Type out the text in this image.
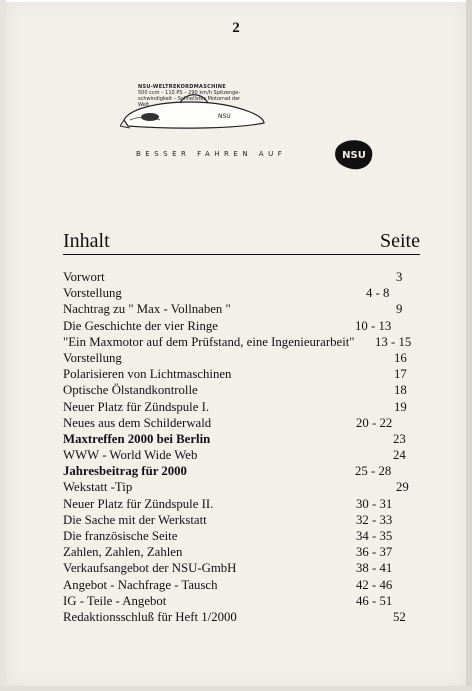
2
NSU-WELTREKORDMASCHINE
500 ccm – 110 PS – 290 km/h Spitzenge-
schwindigkeit – Schnellstes Motorrad der
Welt.
NSU
BESSER FAHREN AUF	NSU
Inhalt	Seite
Vorwort	3
Vorstellung	4 - 8
Nachtrag zu " Max - Vollnaben "	9
Die Geschichte der vier Ringe	10 - 13
"Ein Maxmotor auf dem Prüfstand, eine Ingenieurarbeit" 13 - 15
Vorstellung	16
Polarisieren von Lichtmaschinen	17
Optische Ölstandkontrolle	18
Neuer Platz für Zündspule I.	19
Neues aus dem Schilderwald	20 - 22
Maxtreffen 2000 bei Berlin	23
WWW - World Wide Web	24
Jahresbeitrag für 2000	25 - 28
Wekstatt -Tip	29
Neuer Platz für Zündspule II.	30 - 31
Die Sache mit der Werkstatt	32 - 33
Die französische Seite	34 - 35
Zahlen, Zahlen, Zahlen	36 - 37
Verkaufsangebot der NSU-GmbH	38 - 41
Angebot - Nachfrage - Tausch	42 - 46
IG - Teile - Angebot	46 - 51
Redaktionsschluß für Heft 1/2000	52
